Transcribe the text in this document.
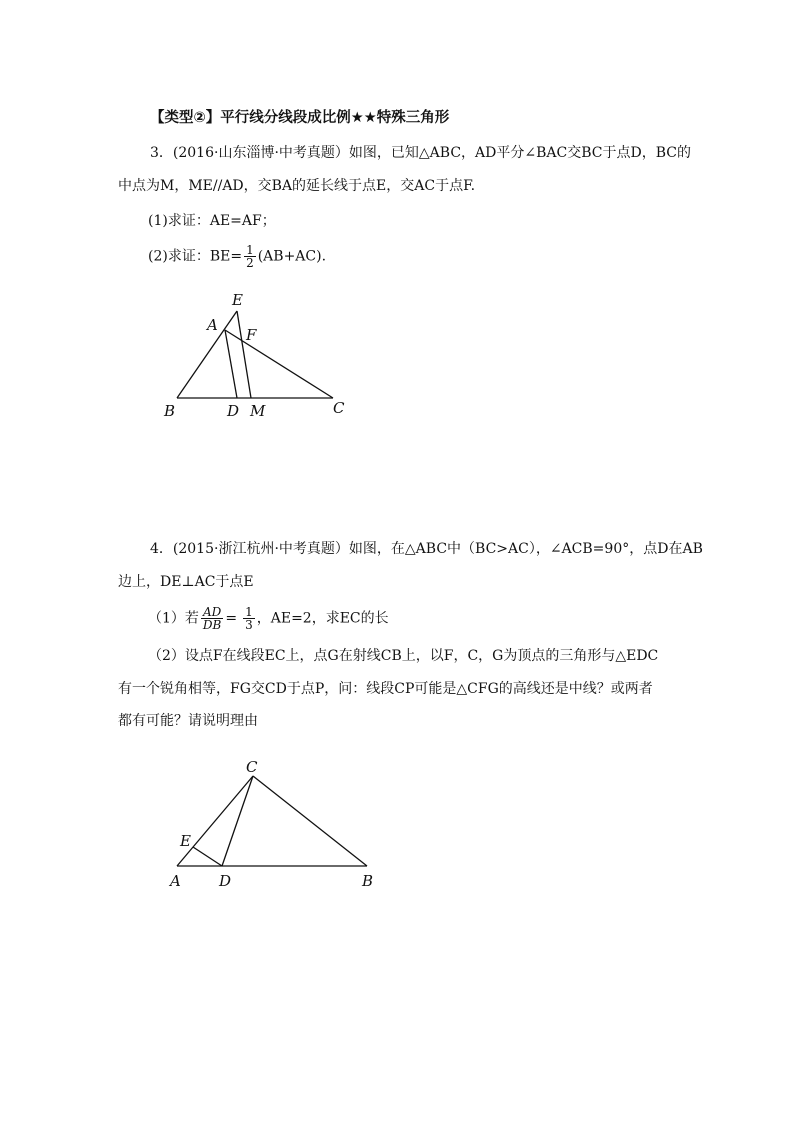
【类型②】平行线分线段成比例★★特殊三角形
3．(2016·山东淄博·中考真题）如图，已知△ABC，AD平分∠BAC交BC于点D，BC的
中点为M，ME//AD，交BA的延长线于点E，交AC于点F.
(1)求证：AE=AF；
(2)求证：$BE= \frac{1}{2} (AB+AC)$.
E
A
F
B	D M	C
4．(2015·浙江杭州·中考真题）如图，在△ABC中（BC>AC），∠ACB=90°，点D在AB
边上，DE⊥AC于点E
（1）若 $\frac{AD}{DB} = \frac{1}{3}$ ，AE=2，求EC的长
（2）设点F在线段EC上，点G在射线CB上，以F，C，G为顶点的三角形与△EDC
有一个锐角相等，FG交CD于点P，问：线段CP可能是△CFG的高线还是中线？或两者
都有可能？请说明理由
C
E
A	D	B
